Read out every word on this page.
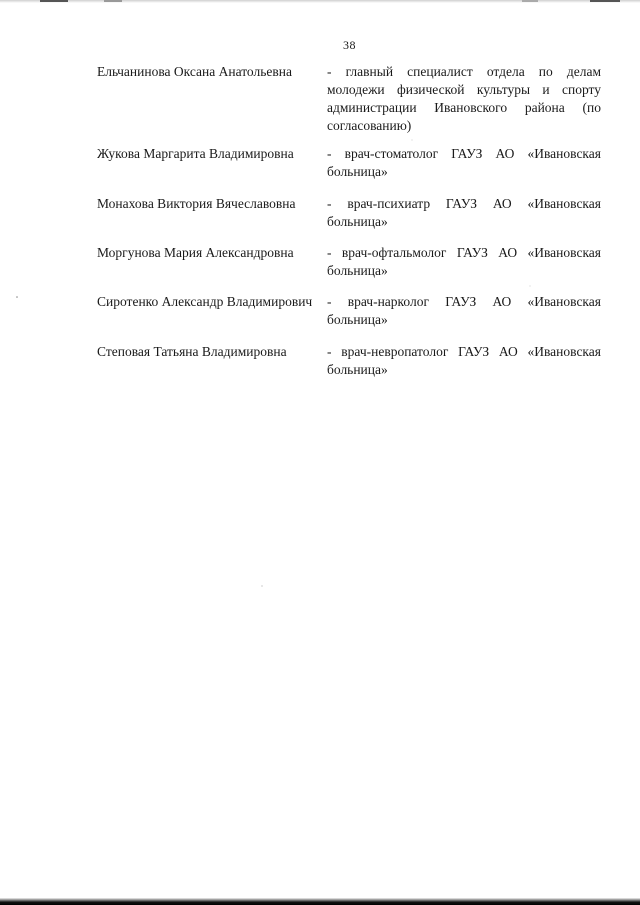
38
Ельчанинова Оксана Анатольевна	- главный специалист отдела по делам молодежи физической культуры и спорту администрации Ивановского района (по согласованию)
Жукова Маргарита Владимировна	- врач-стоматолог ГАУЗ АО «Ивановская больница»
Монахова Виктория Вячеславовна	- врач-психиатр ГАУЗ АО «Ивановская больница»
Моргунова Мария Александровна	- врач-офтальмолог ГАУЗ АО «Ивановская больница»
Сиротенко Александр Владимирович	- врач-нарколог ГАУЗ АО «Ивановская больница»
Степовая Татьяна Владимировна	- врач-невропатолог ГАУЗ АО «Ивановская больница»
